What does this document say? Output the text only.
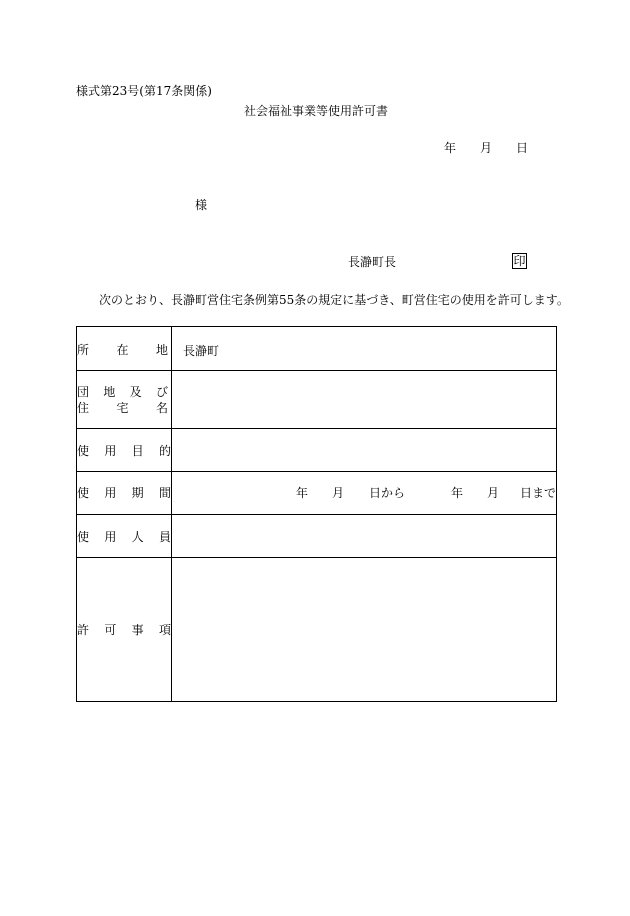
様式第23号(第17条関係)
社会福祉事業等使用許可書
年 月 日
様
長瀞町長	印
次のとおり、長瀞町営住宅条例第55条の規定に基づき、町営住宅の使用を許可します。
所 在 地 長瀞町
団 地 及 び
住 宅 名
使 用 目 的
使 用 期 間	年 月 日から	年 月 日まで
使 用 人 員
許 可 事 項
